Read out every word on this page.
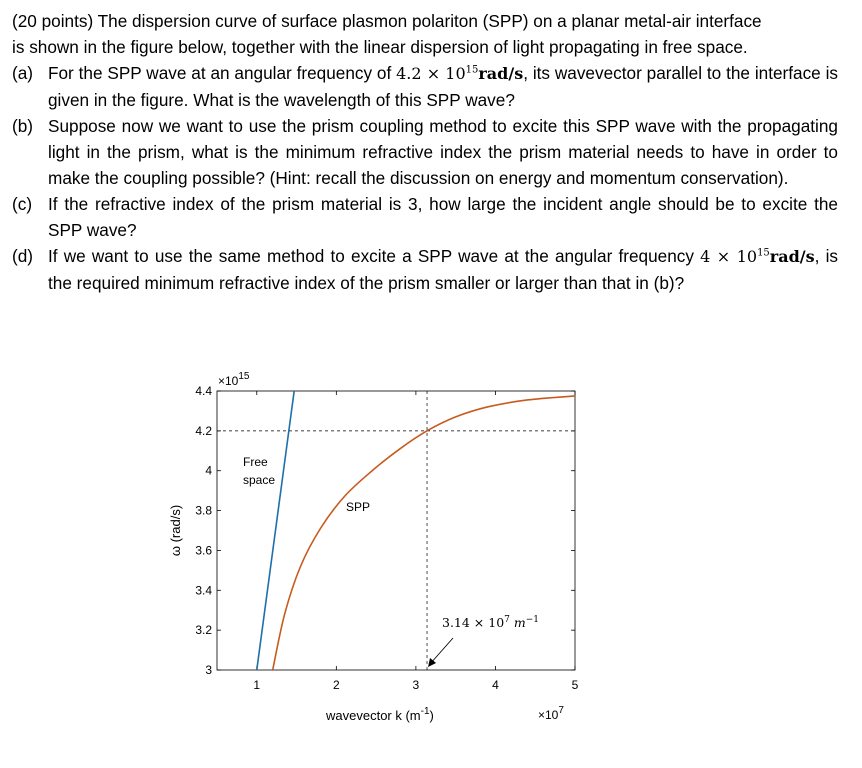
(20 points) The dispersion curve of surface plasmon polariton (SPP) on a planar metal-air interface
is shown in the figure below, together with the linear dispersion of light propagating in free space.
(a) For the SPP wave at an angular frequency of $4.2 \times 10^{15}rad/s$, its wavevector parallel to the interface is given in the figure. What is the wavelength of this SPP wave?
(b) Suppose now we want to use the prism coupling method to excite this SPP wave with the propagating light in the prism, what is the minimum refractive index the prism material needs to have in order to make the coupling possible? (Hint: recall the discussion on energy and momentum conservation).
(c) If the refractive index of the prism material is 3, how large the incident angle should be to excite the SPP wave?
(d) If we want to use the same method to excite a SPP wave at the angular frequency $4 \times 10^{15}rad/s$, is the required minimum refractive index of the prism smaller or larger than that in (b)?
3
3.2
3.4
3.6
3.8
4
4.2
4.4
1	2	3	4	5
Free
space
SPP
$3.14 \times 10^7$ $m^{-1}$
$\times 10^{15}$
$\times 10^7$
wavevector k $(m^{-1})$
ω (rad/s)
